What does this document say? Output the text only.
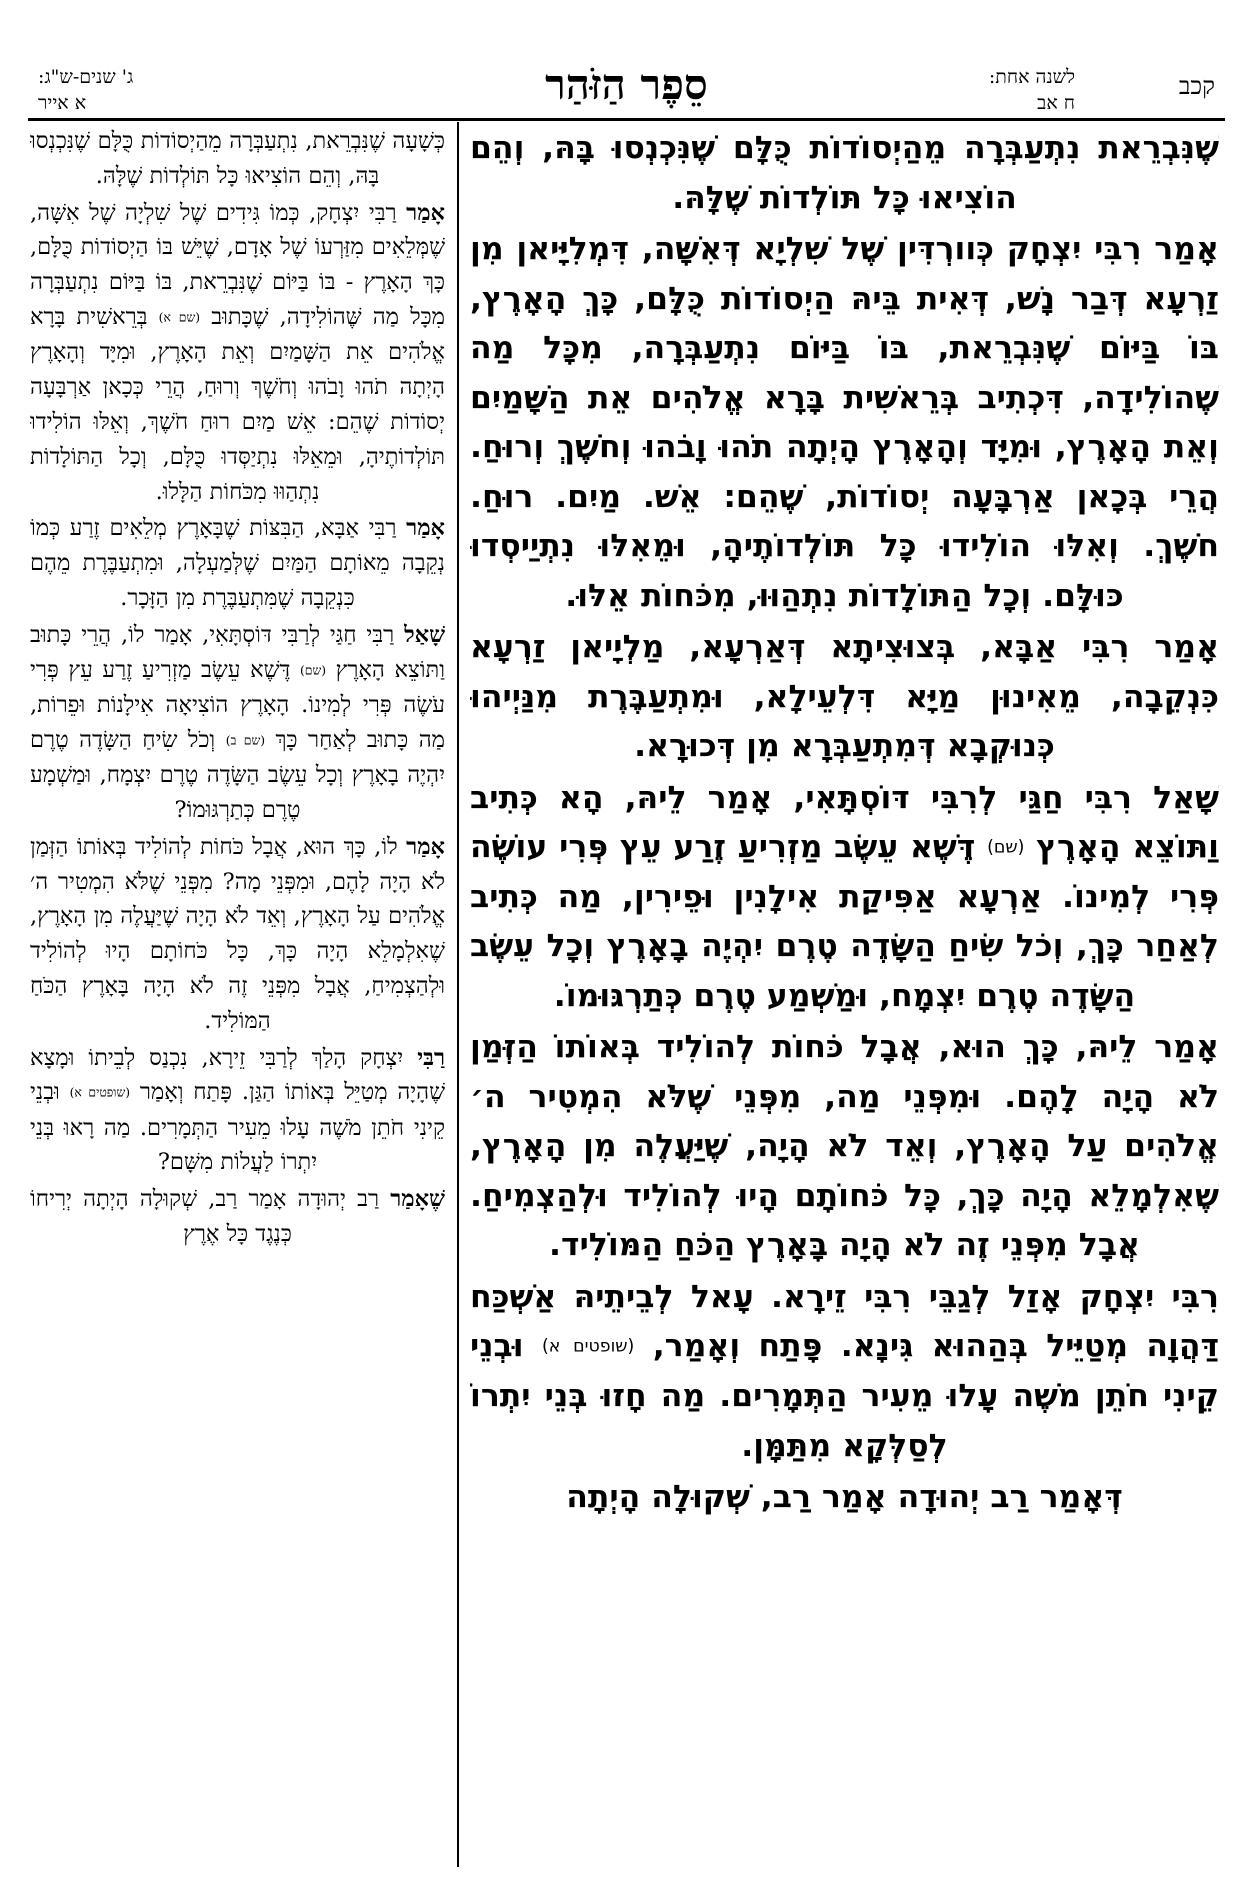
קכב
לשנה אחת:
ח אב
סֵפֶר הַזֹּהַר
ג' שנים-ש"ג:
א אייר

שֶׁנִּבְרֵאת נִתְעַבְּרָה מֵהַיְסוֹדוֹת כֻּלָּם שֶׁנִּכְנְסוּ בָּהּ, וְהֵם הוֹצִיאוּ כָּל תּוֹלְדוֹת שֶׁלָּהּ.

אָמַר רִבִּי יִצְחָק כְּוורְדִּין שֶׁל שִׁלְיָא דְּאִשָּׁה, דִּמְלִיָּיאן מִן זַרְעָא דְּבַר נָשׁ, דְּאִית בֵּיהּ הַיְסוֹדוֹת כֻּלָּם, כָּךְ הָאָרֶץ, בּוֹ בַּיּוֹם שֶׁנִּבְרֵאת, בּוֹ בַּיּוֹם נִתְעַבְּרָה, מִכָּל מַה שֶׁהוֹלִידָה, דִּכְתִיב בְּרֵאשִׁית בָּרָא אֱלֹהִים אֵת הַשָּׁמַיִם וְאֵת הָאָרֶץ, וּמִיָּד וְהָאָרֶץ הָיְתָה תֹהוּ וָבֹהוּ וְחֹשֶׁךְ וְרוּחַ. הֲרֵי בְּכָאן אַרְבָּעָה יְסוֹדוֹת, שֶׁהֵם: אֵשׁ. מַיִם. רוּחַ. חֹשֶׁךְ. וְאִלּוּ הוֹלִידוּ כָּל תּוֹלְדוֹתֶיהָ, וּמֵאִלּוּ נִתְיַיסְדוּ כּוּלָּם. וְכָל הַתּוֹלָדוֹת נִתְהַוּוּ, מִכֹּחוֹת אֵלּוּ.

אָמַר רִבִּי אַבָּא, בְּצוּצִיתָא דְּאַרְעָא, מַלְיָיאן זַרְעָא כִּנְקֵבָה, מֵאִינוּן מַיָּא דִּלְעֵילָא, וּמִתְעַבֶּרֶת מִנַּיְיהוּ כְּנוּקְבָא דְּמִתְעַבְּרָא מִן דְּכוּרָא.

שָׁאַל רִבִּי חַגַּי לְרִבִּי דּוֹסְתָּאִי, אָמַר לֵיהּ, הָא כְּתִיב וַתּוֹצֵא הָאָרֶץ (שם) דֶּשֶׁא עֵשֶׂב מַזְרִיעַ זֶרַע עֵץ פְּרִי עוֹשֶׂה פְּרִי לְמִינוֹ. אַרְעָא אַפִּיקַת אִילָנִין וּפֵירִין, מַה כְּתִיב לְאַחַר כָּךְ, וְכֹל שִׂיחַ הַשָּׂדֶה טֶרֶם יִהְיֶה בָאָרֶץ וְכָל עֵשֶׂב הַשָּׂדֶה טֶרֶם יִצְמָח, וּמַשְׁמַע טֶרֶם כְּתַרְגּוּמוֹ.

אָמַר לֵיהּ, כָּךְ הוּא, אֲבָל כֹּחוֹת לְהוֹלִיד בְּאוֹתוֹ הַזְּמַן לֹא הָיָה לָהֶם. וּמִפְּנֵי מַה, מִפְּנֵי שֶׁלֹּא הִמְטִיר ה׳ אֱלֹהִים עַל הָאָרֶץ, וְאֵד לֹא הָיָה, שֶׁיַּעֲלֶה מִן הָאָרֶץ, שֶׁאִלְמָלֵא הָיָה כָּךְ, כָּל כֹּחוֹתָם הָיוּ לְהוֹלִיד וּלְהַצְמִיחַ. אֲבָל מִפְּנֵי זֶה לֹא הָיָה בָּאָרֶץ הַכֹּחַ הַמּוֹלִיד.

רִבִּי יִצְחָק אָזַל לְגַבֵּי רִבִּי זֵירָא. עָאל לְבֵיתֵיהּ אַשְׁכַּח דַּהֲוָה מְטַיֵּיל בְּהַהוּא גִּינָא. פָּתַח וְאָמַר, (שופטים א) וּבְנֵי קֵינִי חֹתֵן מֹשֶׁה עָלוּ מֵעִיר הַתְּמָרִים. מַה חָזוּ בְּנֵי יִתְרוֹ לְסַלְּקָא מִתַּמָּן.

דְּאָמַר רַב יְהוּדָה אָמַר רַב, שְׁקוּלָה הָיְתָה

כְּשָׁעָה שֶׁנִּבְרֵאת, נִתְעַבְּרָה מֵהַיְסוֹדוֹת כֻּלָּם שֶׁנִּכְנְסוּ בָּהּ, וְהֵם הוֹצִיאוּ כָּל תּוֹלְדוֹת שֶׁלָּהּ.

אָמַר רַבִּי יִצְחָק, כְּמוֹ גִּידִים שֶׁל שִׁלְיָה שֶׁל אִשָּׁה, שֶׁמְּלֵאִים מִזַּרְעוֹ שֶׁל אָדָם, שֶׁיֵּשׁ בּוֹ הַיְסוֹדוֹת כֻּלָּם, כָּךְ הָאָרֶץ - בּוֹ בַּיּוֹם שֶׁנִּבְרֵאת, בּוֹ בַּיּוֹם נִתְעַבְּרָה מִכָּל מַה שֶּׁהוֹלִידָה, שֶׁכָּתוּב (שם א) בְּרֵאשִׁית בָּרָא אֱלֹהִים אֵת הַשָּׁמַיִם וְאֵת הָאָרֶץ, וּמִיָּד וְהָאָרֶץ הָיְתָה תֹהוּ וָבֹהוּ וְחֹשֶׁךְ וְרוּחַ, הֲרֵי כְּכָאן אַרְבָּעָה יְסוֹדוֹת שֶׁהֵם: אֵשׁ מַיִם רוּחַ חֹשֶׁךְ, וְאֵלּוּ הוֹלִידוּ תּוֹלְדוֹתֶיהָ, וּמֵאֵלּוּ נִתְיַסְּדוּ כֻּלָּם, וְכָל הַתּוֹלָדוֹת נִתְהַוּוּ מִכֹּחוֹת הַלָּלוּ.

אָמַר רַבִּי אַבָּא, הַבִּצּוֹת שֶׁבָּאָרֶץ מְלֵאִים זֶרַע כְּמוֹ נְקֵבָה מֵאוֹתָם הַמַּיִם שֶׁלְּמַעְלָה, וּמִתְעַבֶּרֶת מֵהֶם כִּנְקֵבָה שֶׁמִּתְעַבֶּרֶת מִן הַזָּכָר.

שָׁאַל רַבִּי חַגַּי לְרַבִּי דּוֹסְתָּאִי, אָמַר לוֹ, הֲרֵי כָּתוּב וַתּוֹצֵא הָאָרֶץ (שם) דֶּשֶׁא עֵשֶׂב מַזְרִיעַ זֶרַע עֵץ פְּרִי עֹשֶׂה פְּרִי לְמִינוֹ. הָאָרֶץ הוֹצִיאָה אִילָנוֹת וּפֵרוֹת, מַה כָּתוּב לְאַחַר כָּךְ (שם ב) וְכֹל שִׂיחַ הַשָּׂדֶה טֶרֶם יִהְיֶה בָאָרֶץ וְכָל עֵשֶׂב הַשָּׂדֶה טֶרֶם יִצְמָח, וּמַשְׁמָע טֶרֶם כְּתַרְגּוּמוֹ?

אָמַר לוֹ, כָּךְ הוּא, אֲבָל כֹּחוֹת לְהוֹלִיד בְּאוֹתוֹ הַזְּמַן לֹא הָיָה לָהֶם, וּמִפְּנֵי מָה? מִפְּנֵי שֶׁלֹּא הִמְטִיר ה׳ אֱלֹהִים עַל הָאָרֶץ, וְאֵד לֹא הָיָה שֶׁיַּעֲלֶה מִן הָאָרֶץ, שֶׁאִלְמָלֵא הָיָה כָּךְ, כָּל כֹּחוֹתָם הָיוּ לְהוֹלִיד וּלְהַצְמִיחַ, אֲבָל מִפְּנֵי זֶה לֹא הָיָה בָּאָרֶץ הַכֹּחַ הַמּוֹלִיד.

רַבִּי יִצְחָק הָלַךְ לְרַבִּי זֵירָא, נִכְנַס לְבֵיתוֹ וּמָצָא שֶׁהָיָה מְטַיֵּל בְּאוֹתוֹ הַגַּן. פָּתַח וְאָמַר (שופטים א) וּבְנֵי קֵינִי חֹתֵן מֹשֶׁה עָלוּ מֵעִיר הַתְּמָרִים. מַה רָאוּ בְּנֵי יִתְרוֹ לַעֲלוֹת מִשָּׁם?

שֶׁאָמַר רַב יְהוּדָה אָמַר רַב, שְׁקוּלָה הָיְתָה יְרִיחוֹ כְּנֶגֶד כָּל אֶרֶץ
